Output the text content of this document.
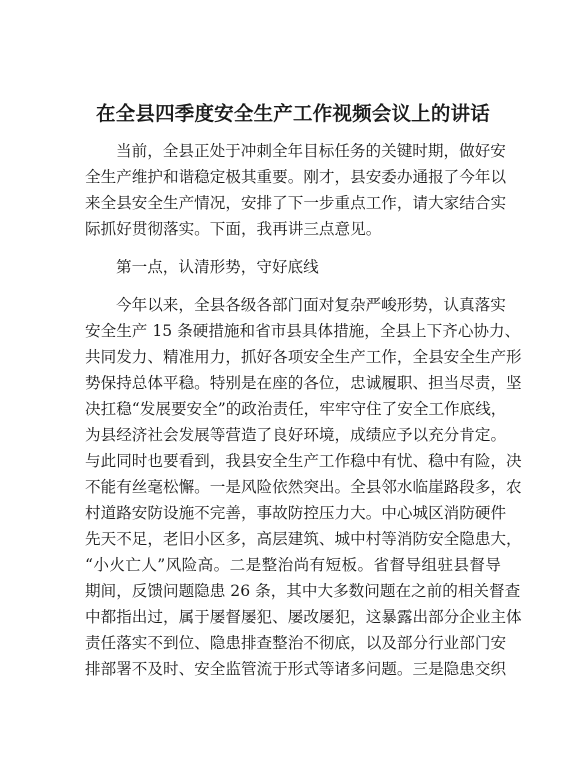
在全县四季度安全生产工作视频会议上的讲话
当前，全县正处于冲刺全年目标任务的关键时期，做好安
全生产维护和谐稳定极其重要。刚才，县安委办通报了今年以
来全县安全生产情况，安排了下一步重点工作，请大家结合实
际抓好贯彻落实。下面，我再讲三点意见。
第一点，认清形势，守好底线
今年以来，全县各级各部门面对复杂严峻形势，认真落实
安全生产 15 条硬措施和省市县具体措施，全县上下齐心协力、
共同发力、精准用力，抓好各项安全生产工作，全县安全生产形
势保持总体平稳。特别是在座的各位，忠诚履职、担当尽责，坚
决扛稳“发展要安全”的政治责任，牢牢守住了安全工作底线，
为县经济社会发展等营造了良好环境，成绩应予以充分肯定。
与此同时也要看到，我县安全生产工作稳中有忧、稳中有险，决
不能有丝毫松懈。一是风险依然突出。全县邻水临崖路段多，农
村道路安防设施不完善，事故防控压力大。中心城区消防硬件
先天不足，老旧小区多，高层建筑、城中村等消防安全隐患大，
“小火亡人”风险高。二是整治尚有短板。省督导组驻县督导
期间，反馈问题隐患 26 条，其中大多数问题在之前的相关督查
中都指出过，属于屡督屡犯、屡改屡犯，这暴露出部分企业主体
责任落实不到位、隐患排查整治不彻底，以及部分行业部门安
排部署不及时、安全监管流于形式等诸多问题。三是隐患交织
